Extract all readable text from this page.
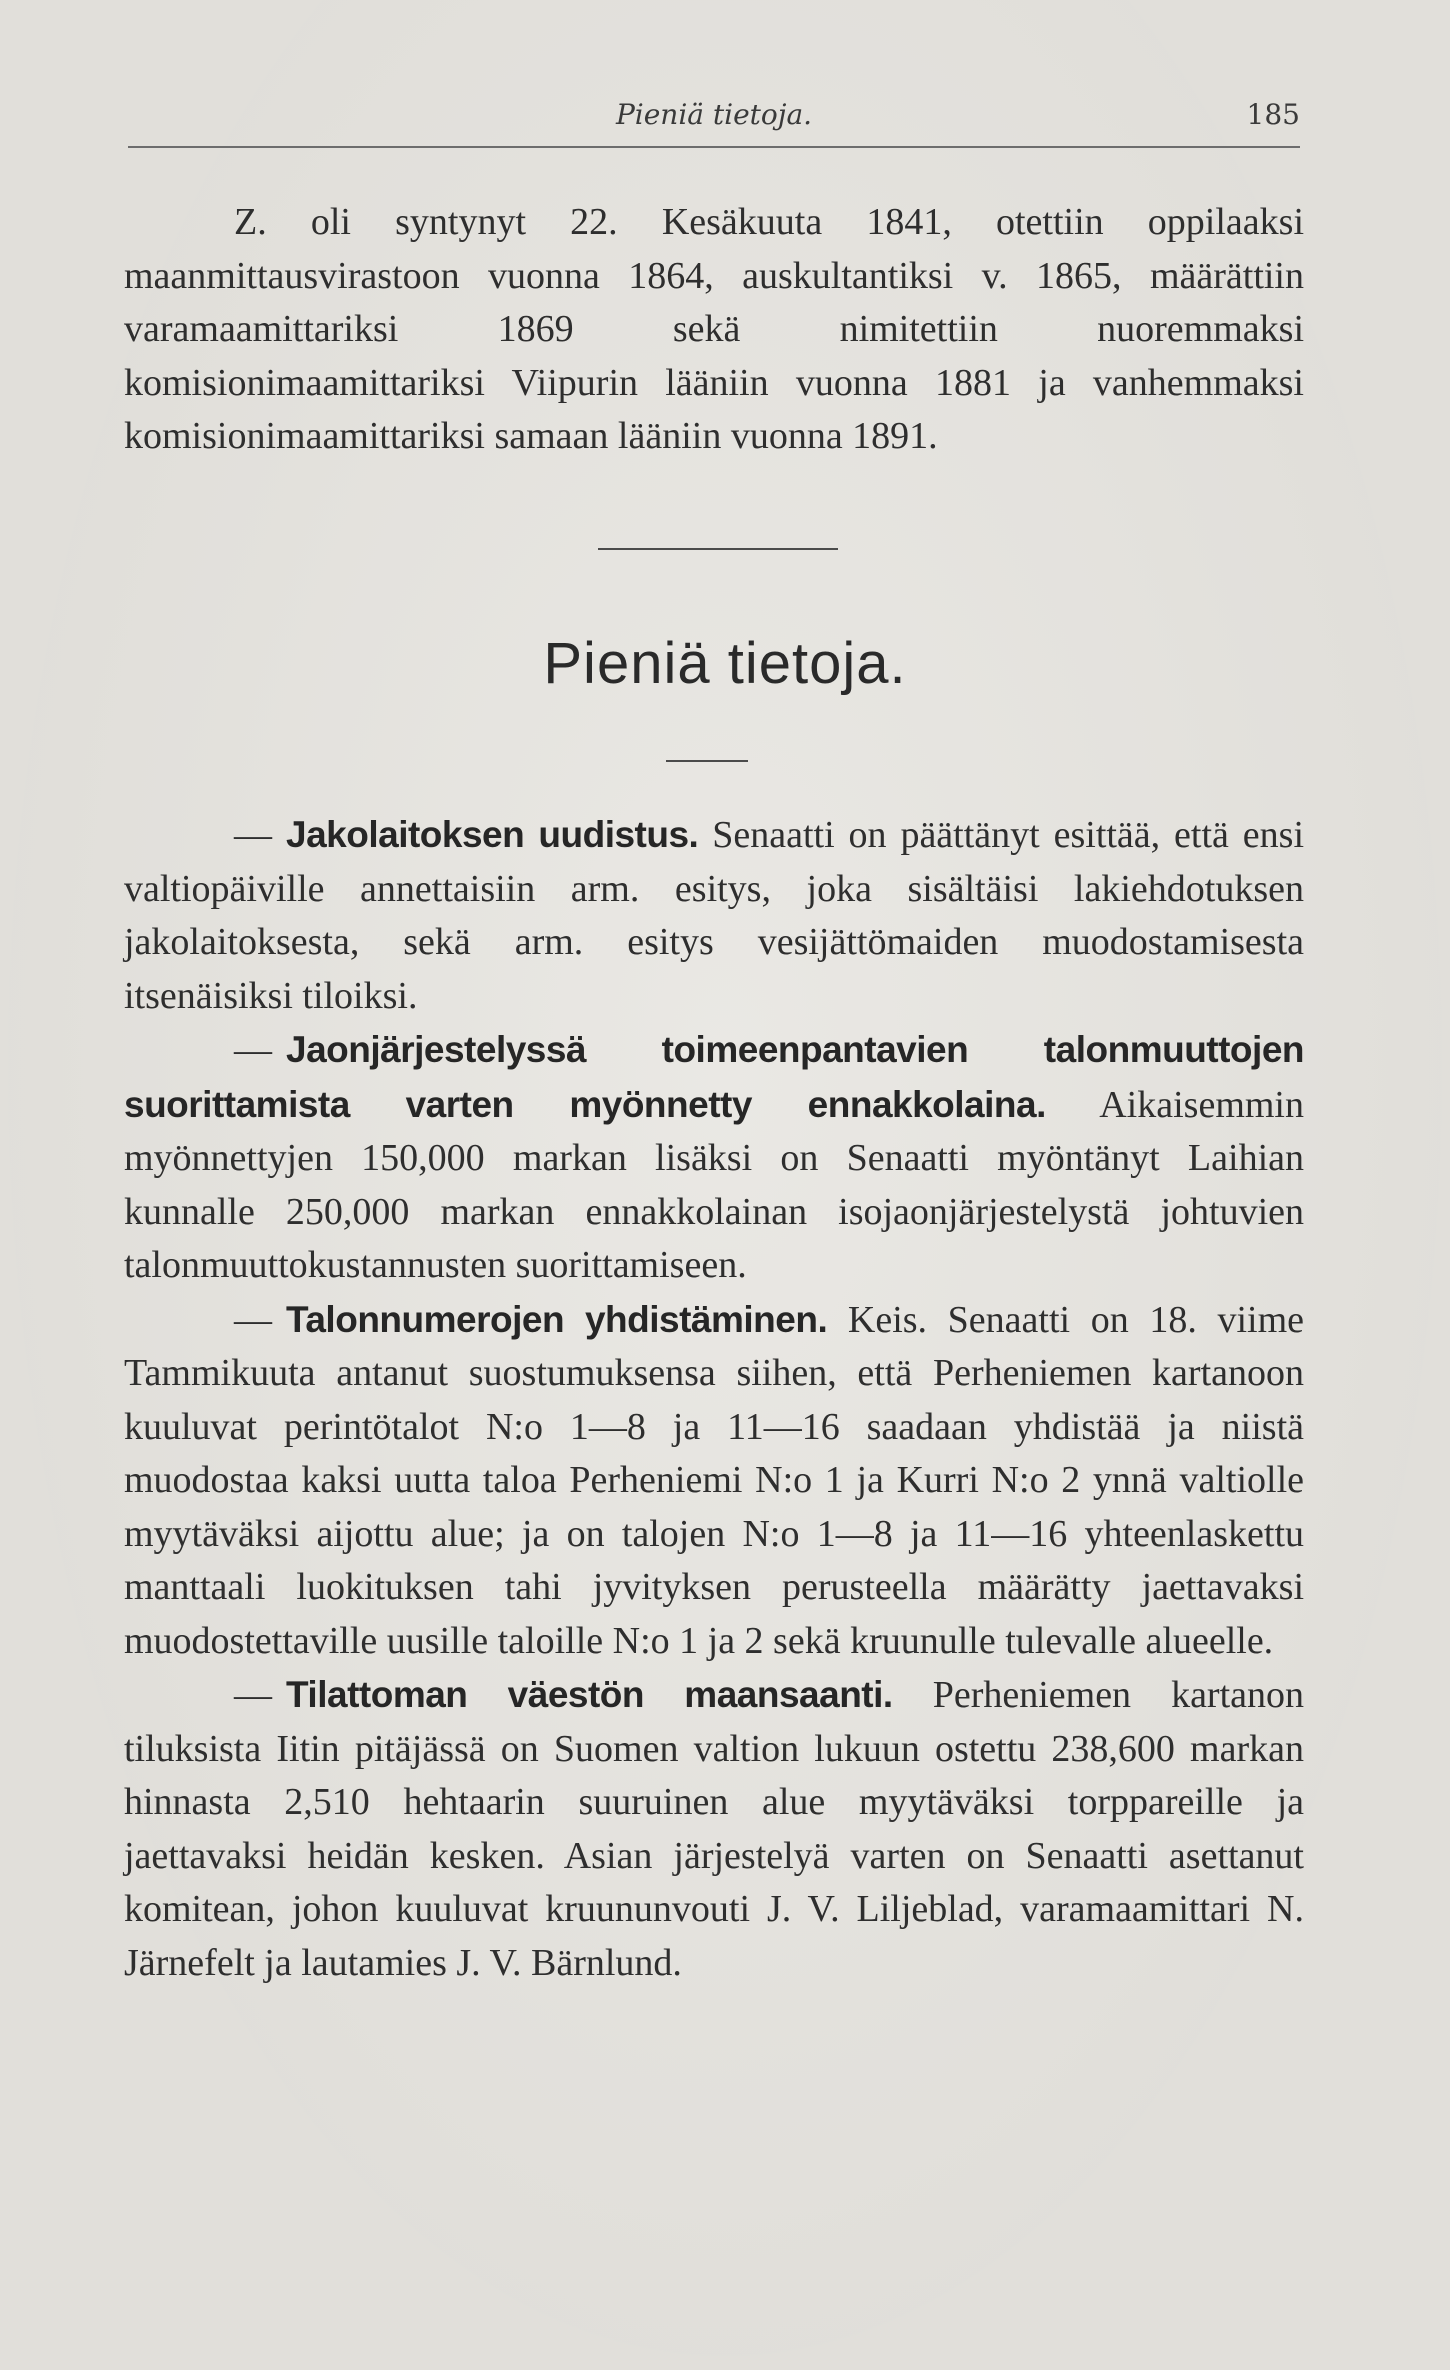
Pieniä tietoja.	185

Z. oli syntynyt 22. Kesäkuuta 1841, otettiin oppilaaksi maanmittausvirastoon vuonna 1864, auskultantiksi v. 1865, määrättiin varamaamittariksi 1869 sekä nimitettiin nuoremmaksi komisionimaamittariksi Viipurin lääniin vuonna 1881 ja vanhemmaksi komisionimaamittariksi samaan lääniin vuonna 1891.

Pieniä tietoja.

— Jakolaitoksen uudistus. Senaatti on päättänyt esittää, että ensi valtiopäiville annettaisiin arm. esitys, joka sisältäisi lakiehdotuksen jakolaitoksesta, sekä arm. esitys vesijättömaiden muodostamisesta itsenäisiksi tiloiksi.

— Jaonjärjestelyssä toimeenpantavien talonmuuttojen suorittamista varten myönnetty ennakkolaina. Aikaisemmin myönnettyjen 150,000 markan lisäksi on Senaatti myöntänyt Laihian kunnalle 250,000 markan ennakkolainan isojaonjärjestelystä johtuvien talonmuuttokustannusten suorittamiseen.

— Talonnumerojen yhdistäminen. Keis. Senaatti on 18. viime Tammikuuta antanut suostumuksensa siihen, että Perheniemen kartanoon kuuluvat perintötalot N:o 1—8 ja 11—16 saadaan yhdistää ja niistä muodostaa kaksi uutta taloa Perheniemi N:o 1 ja Kurri N:o 2 ynnä valtiolle myytäväksi aijottu alue; ja on talojen N:o 1—8 ja 11—16 yhteenlaskettu manttaali luokituksen tahi jyvityksen perusteella määrätty jaettavaksi muodostettaville uusille taloille N:o 1 ja 2 sekä kruunulle tulevalle alueelle.

— Tilattoman väestön maansaanti. Perheniemen kartanon tiluksista Iitin pitäjässä on Suomen valtion lukuun ostettu 238,600 markan hinnasta 2,510 hehtaarin suuruinen alue myytäväksi torppareille ja jaettavaksi heidän kesken. Asian järjestelyä varten on Senaatti asettanut komitean, johon kuuluvat kruununvouti J. V. Liljeblad, varamaamittari N. Järnefelt ja lautamies J. V. Bärnlund.
